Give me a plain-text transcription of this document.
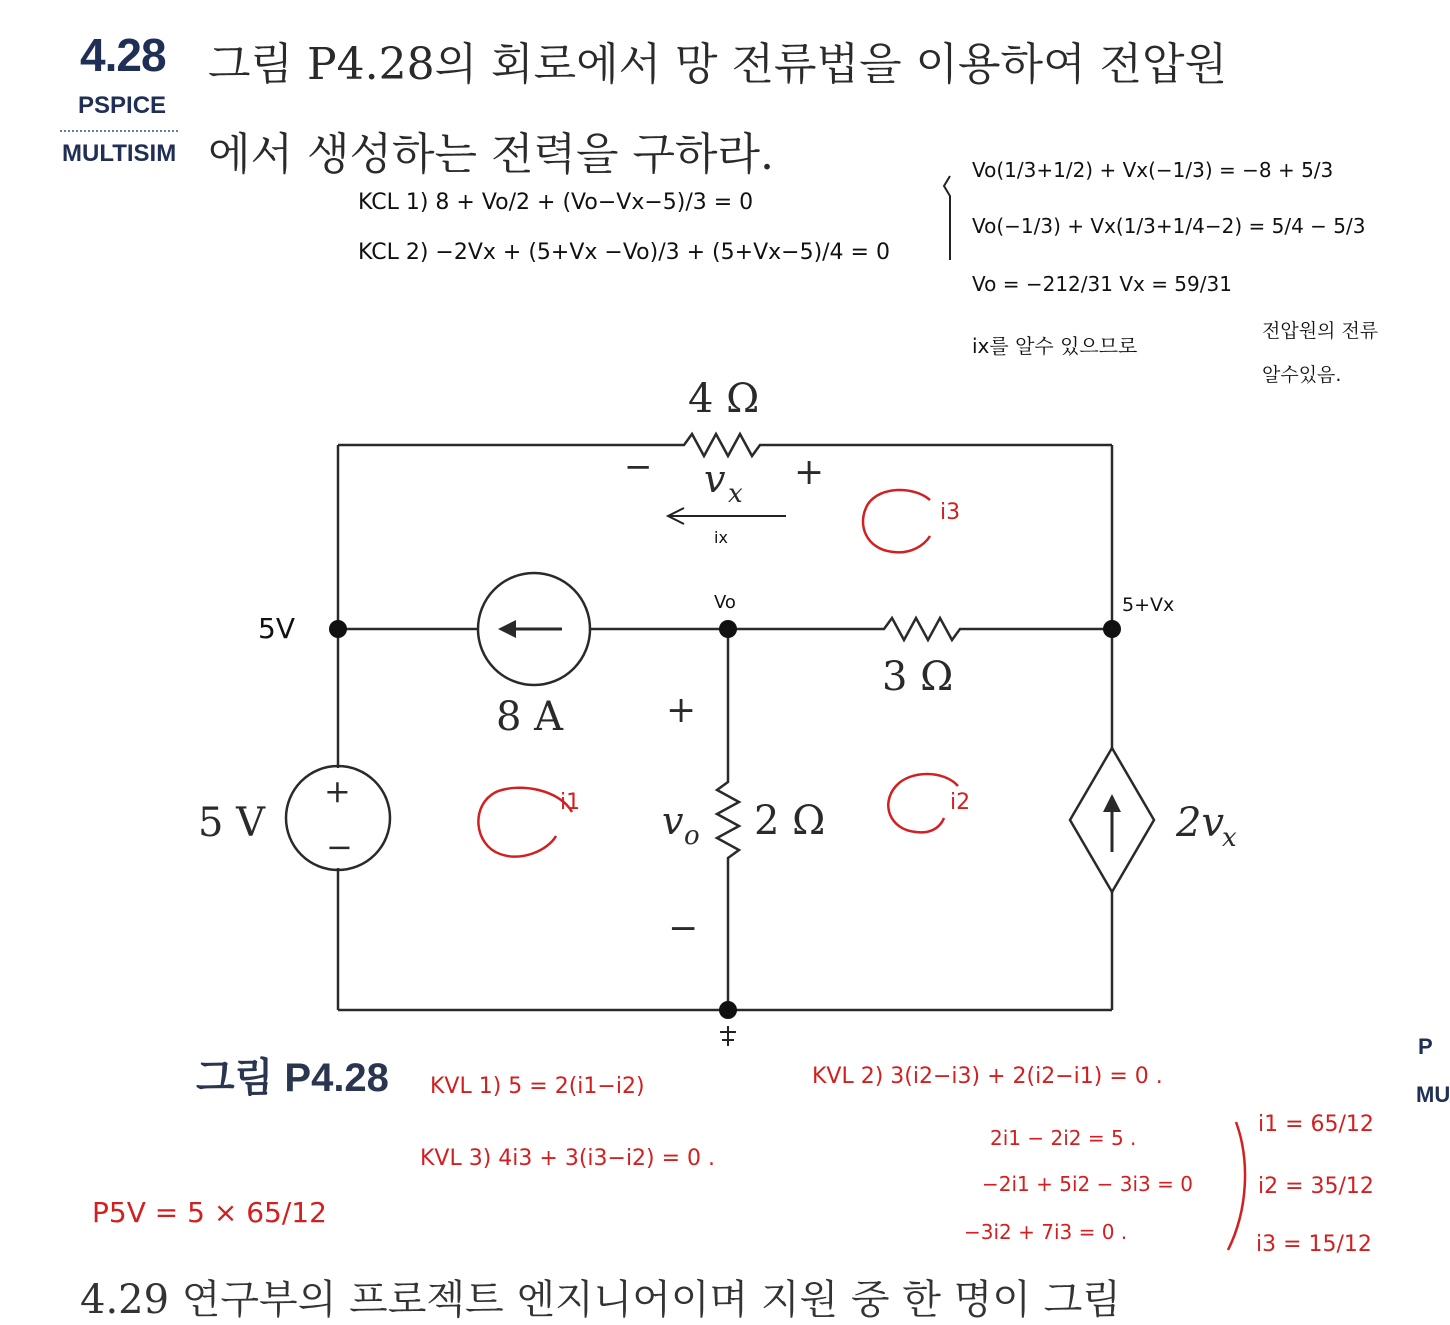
4.28
PSPICE
MULTISIM
그림 P4.28의 회로에서 망 전류법을 이용하여 전압원
에서 생성하는 전력을 구하라.
KCL 1) 8 + Vo/2 + (Vo−Vx−5)/3 = 0
KCL 2) −2Vx + (5+Vx −Vo)/3 + (5+Vx−5)/4 = 0
Vo(1/3+1/2) + Vx(−1/3) = −8 + 5/3
Vo(−1/3) + Vx(1/3+1/4−2) = 5/4 − 5/3
Vo = −212/31 Vx = 59/31
ix를 알수 있으므로
전압원의 전류
알수있음.
ix
5V
Vo	5+Vx
4 Ω
− v x
+
3 Ω
8 A
5 V
+
−
+
v o 2 Ω
−
2v
x
i3
i1	i2
그림 P4.28 KVL 1) 5 = 2(i1−i2)	KVL 2) 3(i2−i3) + 2(i2−i1) = 0 .
KVL 3) 4i3 + 3(i3−i2) = 0 .
2i1 − 2i2 = 5 .
−2i1 + 5i2 − 3i3 = 0
−3i2 + 7i3 = 0 .
i1 = 65/12
i2 = 35/12
i3 = 15/12
P5V = 5 × 65/12
4.29 연구부의 프로젝트 엔지니어이며 지원 중 한 명이 그림
P
MU
